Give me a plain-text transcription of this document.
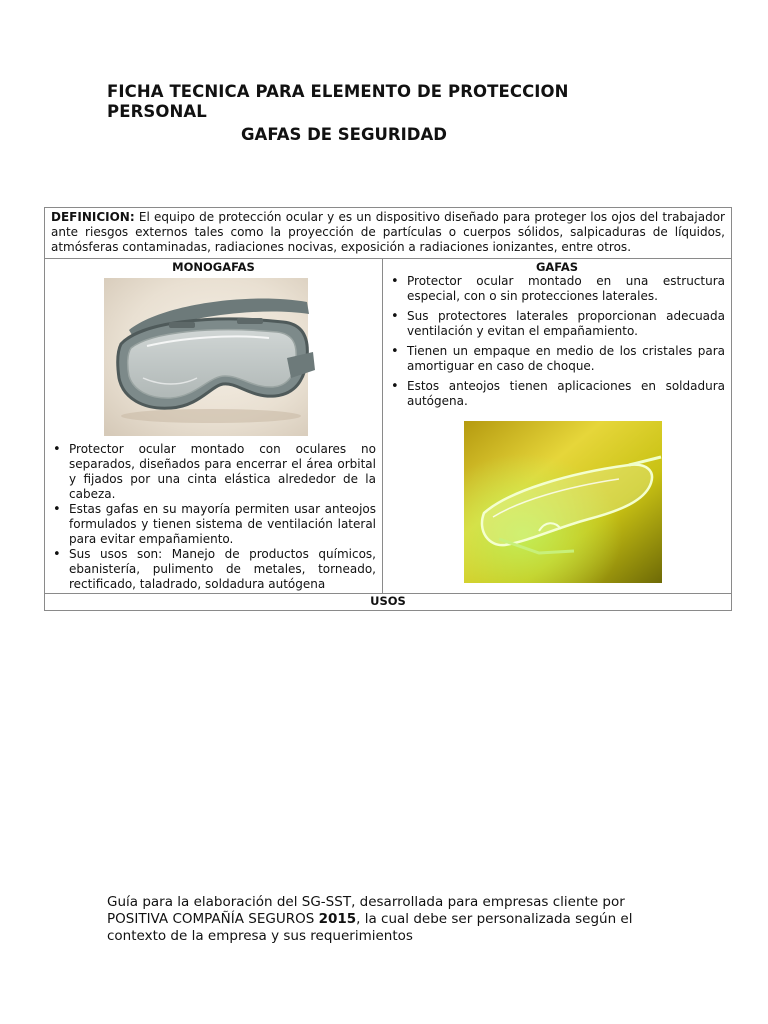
FICHA TECNICA PARA ELEMENTO DE PROTECCION PERSONAL
GAFAS DE SEGURIDAD
DEFINICION: El equipo de protección ocular y es un dispositivo diseñado para proteger los ojos del trabajador ante riesgos externos tales como la proyección de partículas o cuerpos sólidos, salpicaduras de líquidos, atmósferas contaminadas, radiaciones nocivas, exposición a radiaciones ionizantes, entre otros.

MONOGAFAS
• Protector ocular montado con oculares no separados, diseñados para encerrar el área orbital y fijados por una cinta elástica alrededor de la cabeza.
• Estas gafas en su mayoría permiten usar anteojos formulados y tienen sistema de ventilación lateral para evitar empañamiento.
• Sus usos son: Manejo de productos químicos, ebanistería, pulimento de metales, torneado, rectificado, taladrado, soldadura autógena

GAFAS
• Protector ocular montado en una estructura especial, con o sin protecciones laterales.
• Sus protectores laterales proporcionan adecuada ventilación y evitan el empañamiento.
• Tienen un empaque en medio de los cristales para amortiguar en caso de choque.
• Estos anteojos tienen aplicaciones en soldadura autógena.

USOS
Guía para la elaboración del SG-SST, desarrollada para empresas cliente por POSITIVA COMPAÑÍA SEGUROS 2015, la cual debe ser personalizada según el contexto de la empresa y sus requerimientos
